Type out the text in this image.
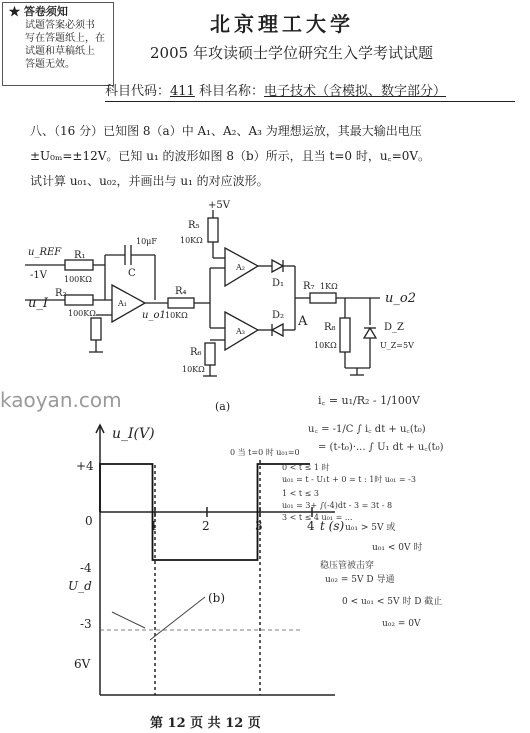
★ 答卷须知
试题答案必须书
写在答题纸上，在
试题和草稿纸上
答题无效。
北京理工大学
2005 年攻读硕士学位研究生入学考试试题
科目代码：411 科目名称：电子技术（含模拟、数字部分）
八、（16 分）已知图 8（a）中 A₁、A₂、A₃ 为理想运放，其最大输出电压
±U₀ₘ=±12V。已知 u₁ 的波形如图 8（b）所示，且当 t=0 时，u꜀=0V。
试计算 u₀₁、u₀₂，并画出与 u₁ 的对应波形。
kaoyan.com
u_REF
-1V
u_I
R₁
100KΩ
R₂
100KΩ
C
10μF
A₁
u_o1 10KΩ
R₄
+5V
R₅
10KΩ
A₂
A₃
D₁
D₂
R₆
10KΩ
R₇ 1KΩ
R₈
10KΩ
D_Z
U_Z=5V
u_o2
A
(a)
u_I(V)
+4
0
-4
1	2	3	4 t (s)
U_d
-3
6V
(b)
i꜀ = u₁/R₂ - 1/100V
u꜀ = -1/C ∫ i꜀ dt + u꜀(t₀)
= (t-t₀)·... ∫ U₁ dt + u꜀(t₀)
0 当 t=0 时 u₀₁=0
0 < t ≤ 1 时
u₀₁ = t - U₁t + 0 = t : 1时 u₀₁ = -3
1 < t ≤ 3
u₀₁ = 3+ ∫(-4)dt - 3 = 3t - 8
3 < t ≤ 4 u₀₁ = ...
u₀₁ > 5V 或
u₀₁ < 0V 时
稳压管被击穿
u₀₂ = 5V D 导通
0 < u₀₁ < 5V 时 D 截止
u₀₂ = 0V
第 12 页 共 12 页
